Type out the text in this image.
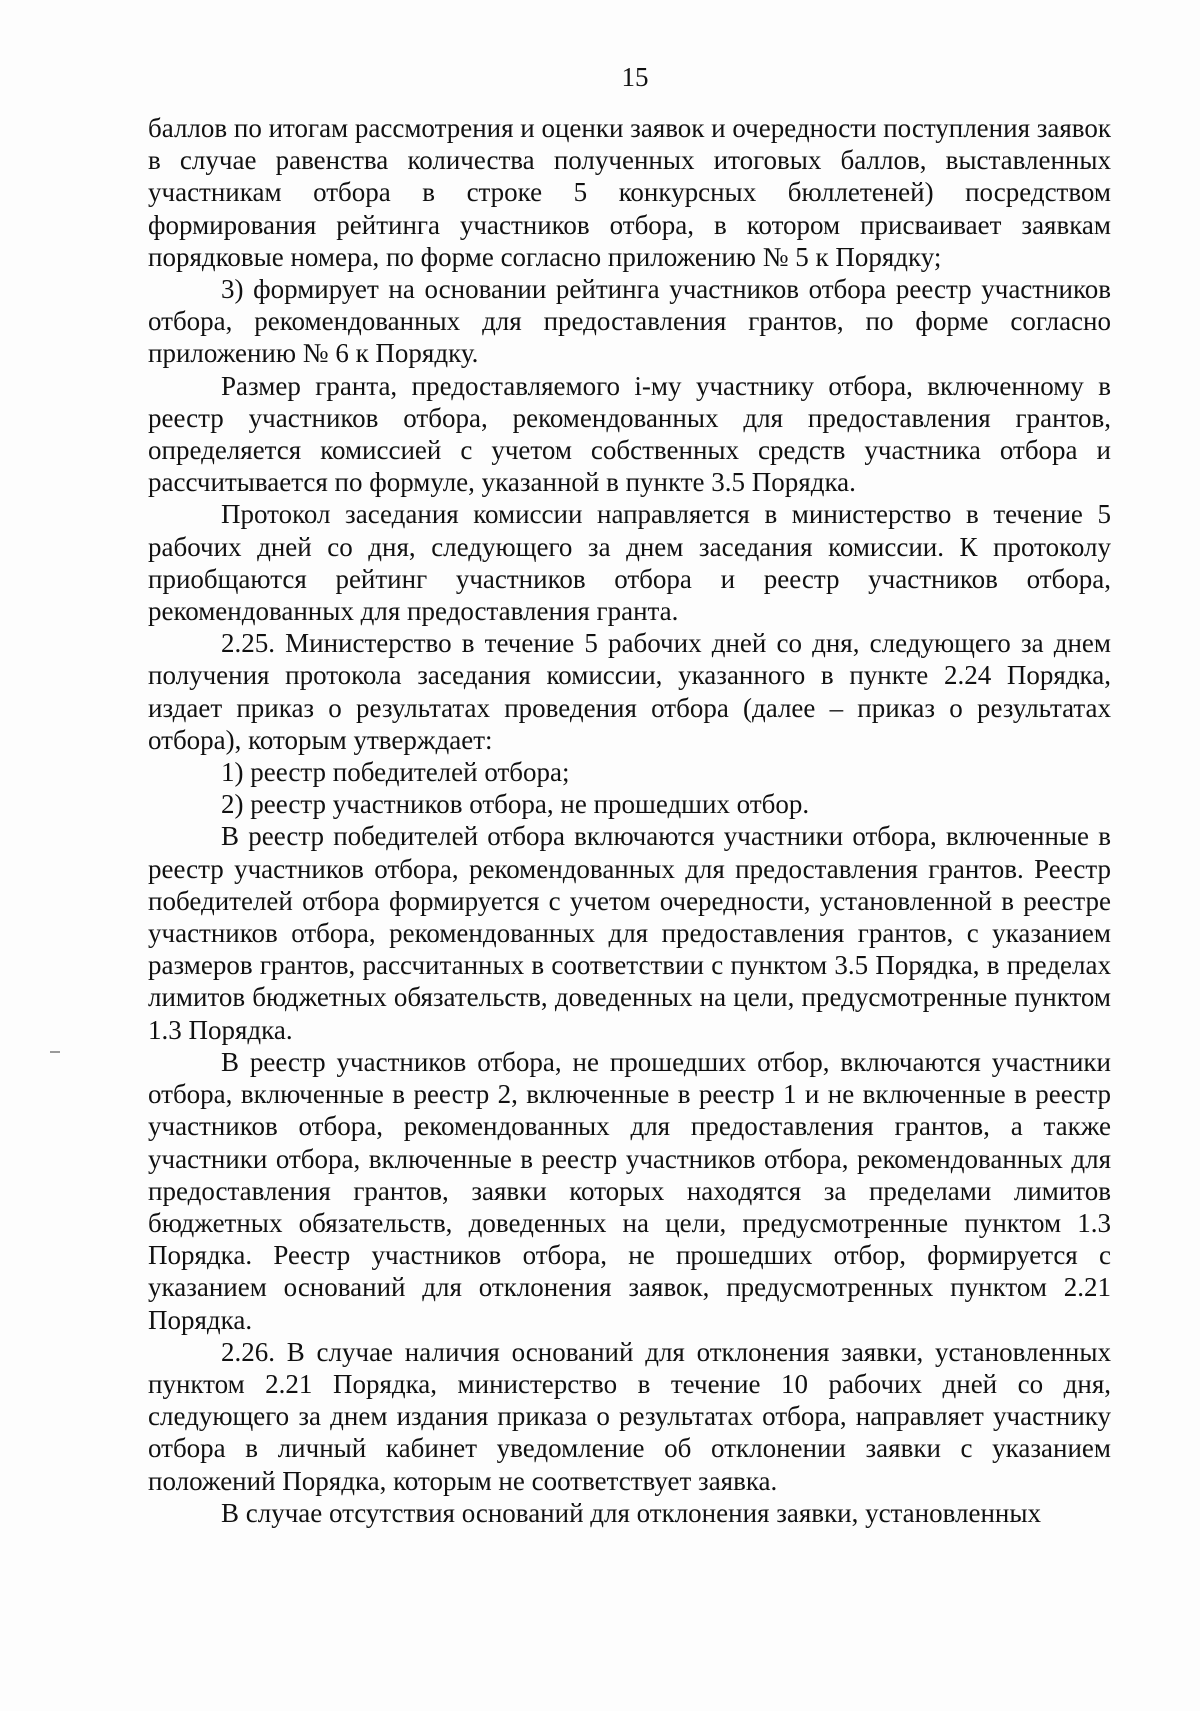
15

баллов по итогам рассмотрения и оценки заявок и очередности поступления заявок в случае равенства количества полученных итоговых баллов, выставленных участникам отбора в строке 5 конкурсных бюллетеней) посредством формирования рейтинга участников отбора, в котором присваивает заявкам порядковые номера, по форме согласно приложению № 5 к Порядку;

3) формирует на основании рейтинга участников отбора реестр участников отбора, рекомендованных для предоставления грантов, по форме согласно приложению № 6 к Порядку.

Размер гранта, предоставляемого i-му участнику отбора, включенному в реестр участников отбора, рекомендованных для предоставления грантов, определяется комиссией с учетом собственных средств участника отбора и рассчитывается по формуле, указанной в пункте 3.5 Порядка.

Протокол заседания комиссии направляется в министерство в течение 5 рабочих дней со дня, следующего за днем заседания комиссии. К протоколу приобщаются рейтинг участников отбора и реестр участников отбора, рекомендованных для предоставления гранта.

2.25. Министерство в течение 5 рабочих дней со дня, следующего за днем получения протокола заседания комиссии, указанного в пункте 2.24 Порядка, издает приказ о результатах проведения отбора (далее – приказ о результатах отбора), которым утверждает:

1) реестр победителей отбора;

2) реестр участников отбора, не прошедших отбор.

В реестр победителей отбора включаются участники отбора, включенные в реестр участников отбора, рекомендованных для предоставления грантов. Реестр победителей отбора формируется с учетом очередности, установленной в реестре участников отбора, рекомендованных для предоставления грантов, с указанием размеров грантов, рассчитанных в соответствии с пунктом 3.5 Порядка, в пределах лимитов бюджетных обязательств, доведенных на цели, предусмотренные пунктом 1.3 Порядка.

В реестр участников отбора, не прошедших отбор, включаются участники отбора, включенные в реестр 2, включенные в реестр 1 и не включенные в реестр участников отбора, рекомендованных для предоставления грантов, а также участники отбора, включенные в реестр участников отбора, рекомендованных для предоставления грантов, заявки которых находятся за пределами лимитов бюджетных обязательств, доведенных на цели, предусмотренные пунктом 1.3 Порядка. Реестр участников отбора, не прошедших отбор, формируется с указанием оснований для отклонения заявок, предусмотренных пунктом 2.21 Порядка.

2.26. В случае наличия оснований для отклонения заявки, установленных пунктом 2.21 Порядка, министерство в течение 10 рабочих дней со дня, следующего за днем издания приказа о результатах отбора, направляет участнику отбора в личный кабинет уведомление об отклонении заявки с указанием положений Порядка, которым не соответствует заявка.

В случае отсутствия оснований для отклонения заявки, установленных
